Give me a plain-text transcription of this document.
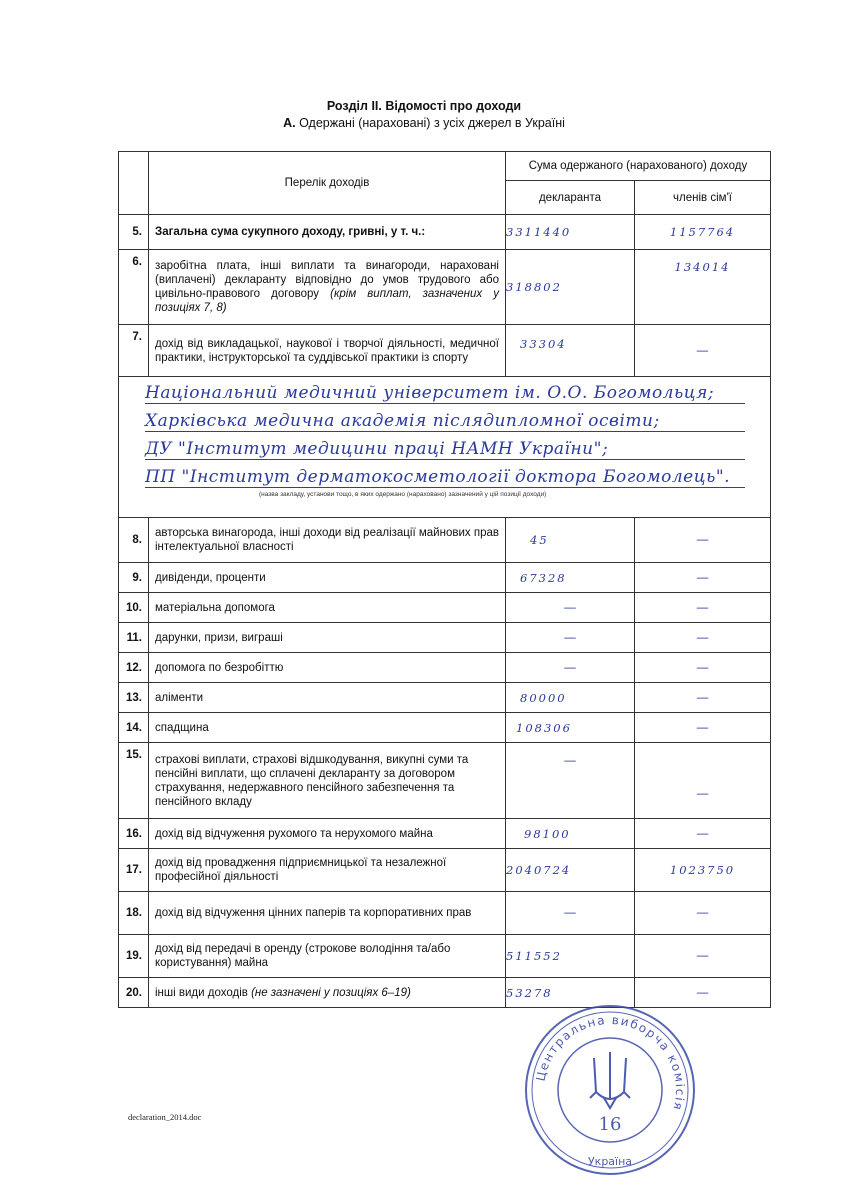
Розділ ІІ. Відомості про доходи
А. Одержані (нараховані) з усіх джерел в Україні
	Перелік доходів	Сума одержаного (нарахованого) доходу	
		декларанта	членів сім'ї
5.	Загальна сума сукупного доходу, гривні, у т. ч.:	3311440	1157764
6.	заробітна плата, інші виплати та винагороди, нараховані (виплачені) декларанту відповідно до умов трудового або цивільно-правового договору (крім виплат, зазначених у позиціях 7, 8)	318802	134014
7.	дохід від викладацької, наукової і творчої діяльності, медичної практики, інструкторської та суддівської практики із спорту	33304	—

Національний медичний університет ім. О.О. Богомольця;
Харківська медична академія післядипломної освіти;
ДУ "Інститут медицини праці НАМН України";
ПП "Інститут дерматокосметології доктора Богомолець".
(назва закладу, установи тощо, в яких одержано (нараховано) зазначений у цій позиції доходи)			

8.	авторська винагорода, інші доходи від реалізації майнових прав інтелектуальної власності	45	—
9.	дивіденди, проценти	67328	—
10.	матеріальна допомога	—	—
11.	дарунки, призи, виграші	—	—
12.	допомога по безробіттю	—	—
13.	аліменти	80000	—
14.	спадщина	108306	—
15.	страхові виплати, страхові відшкодування, викупні суми та пенсійні виплати, що сплачені декларанту за договором страхування, недержавного пенсійного забезпечення та пенсійного вкладу	—	—
16.	дохід від відчуження рухомого та нерухомого майна	98100	—
17.	дохід від провадження підприємницької та незалежної професійної діяльності	2040724	1023750
18.	дохід від відчуження цінних паперів та корпоративних прав	—	—
19.	дохід від передачі в оренду (строкове володіння та/або користування) майна	511552	—
20.	інші види доходів (не зазначені у позиціях 6–19)	53278	—
Центральна виборча комісія
Україна
16
declaration_2014.doc
